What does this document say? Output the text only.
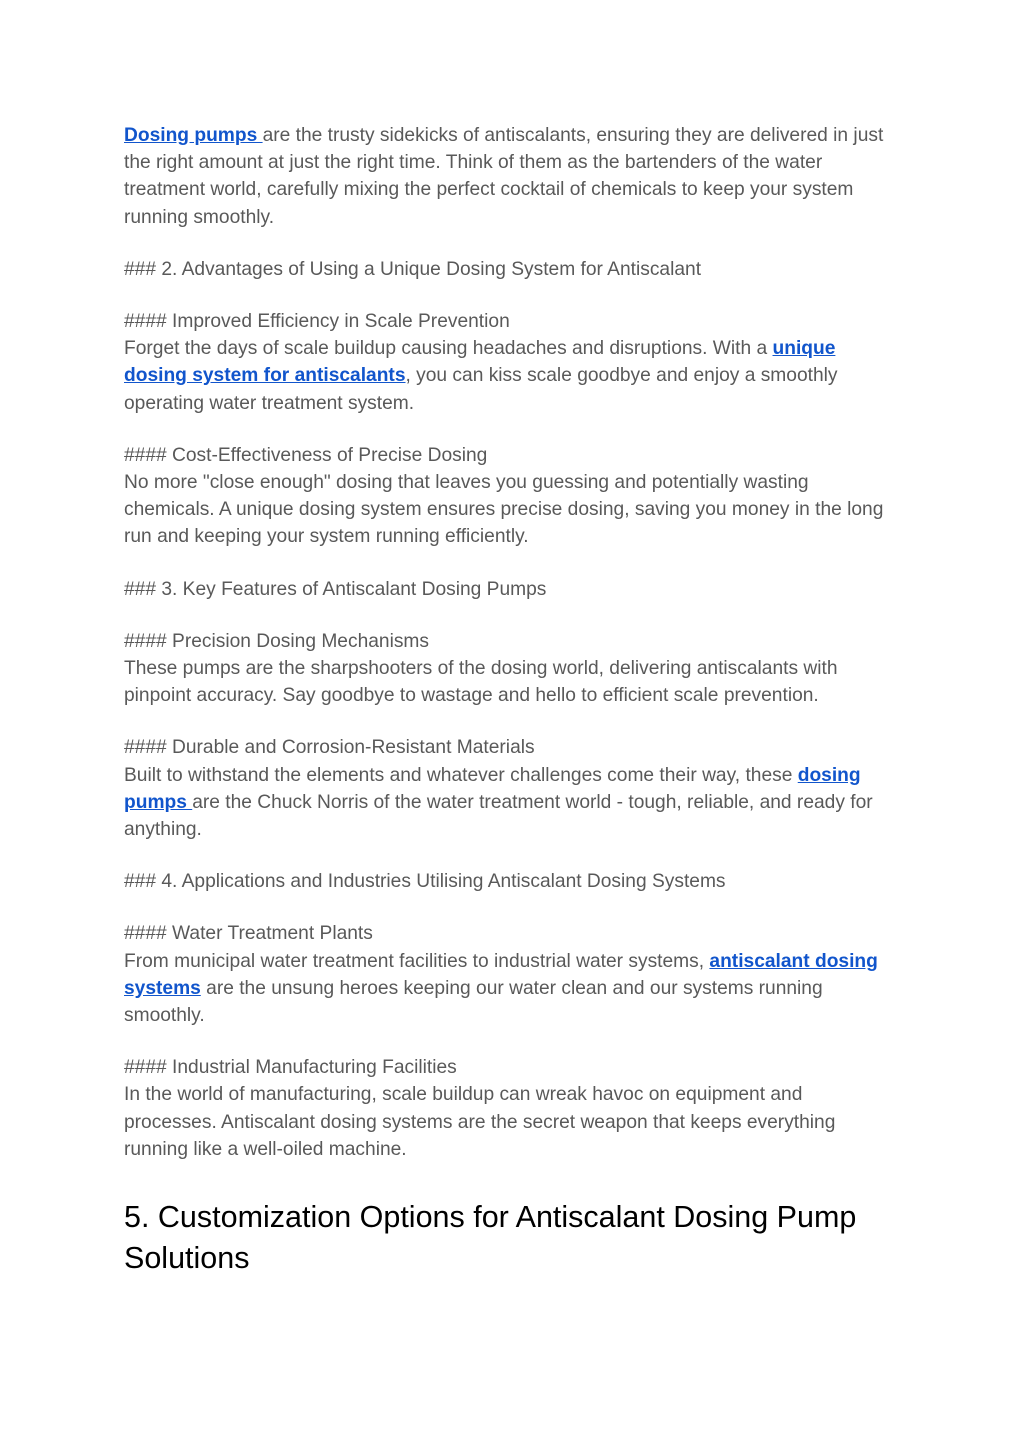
Dosing pumps are the trusty sidekicks of antiscalants, ensuring they are delivered in just the right amount at just the right time. Think of them as the bartenders of the water treatment world, carefully mixing the perfect cocktail of chemicals to keep your system running smoothly.

### 2. Advantages of Using a Unique Dosing System for Antiscalant

#### Improved Efficiency in Scale Prevention
Forget the days of scale buildup causing headaches and disruptions. With a unique dosing system for antiscalants, you can kiss scale goodbye and enjoy a smoothly operating water treatment system.

#### Cost-Effectiveness of Precise Dosing
No more "close enough" dosing that leaves you guessing and potentially wasting chemicals. A unique dosing system ensures precise dosing, saving you money in the long run and keeping your system running efficiently.

### 3. Key Features of Antiscalant Dosing Pumps

#### Precision Dosing Mechanisms
These pumps are the sharpshooters of the dosing world, delivering antiscalants with pinpoint accuracy. Say goodbye to wastage and hello to efficient scale prevention.

#### Durable and Corrosion-Resistant Materials
Built to withstand the elements and whatever challenges come their way, these dosing pumps are the Chuck Norris of the water treatment world - tough, reliable, and ready for anything.

### 4. Applications and Industries Utilising Antiscalant Dosing Systems

#### Water Treatment Plants
From municipal water treatment facilities to industrial water systems, antiscalant dosing systems are the unsung heroes keeping our water clean and our systems running smoothly.

#### Industrial Manufacturing Facilities
In the world of manufacturing, scale buildup can wreak havoc on equipment and processes. Antiscalant dosing systems are the secret weapon that keeps everything running like a well-oiled machine.

5. Customization Options for Antiscalant Dosing Pump Solutions
